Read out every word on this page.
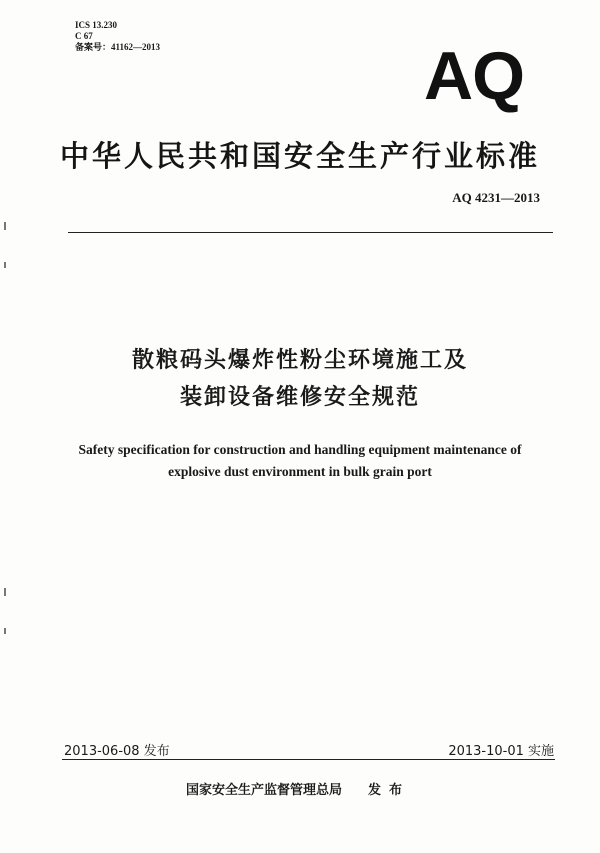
ICS 13.230
C 67
备案号：41162—2013	AQ
中华人民共和国安全生产行业标准
AQ 4231—2013
散粮码头爆炸性粉尘环境施工及
装卸设备维修安全规范
Safety specification for construction and handling equipment maintenance of
explosive dust environment in bulk grain port
2013-06-08 发布	2013-10-01 实施
国家安全生产监督管理总局 发布
